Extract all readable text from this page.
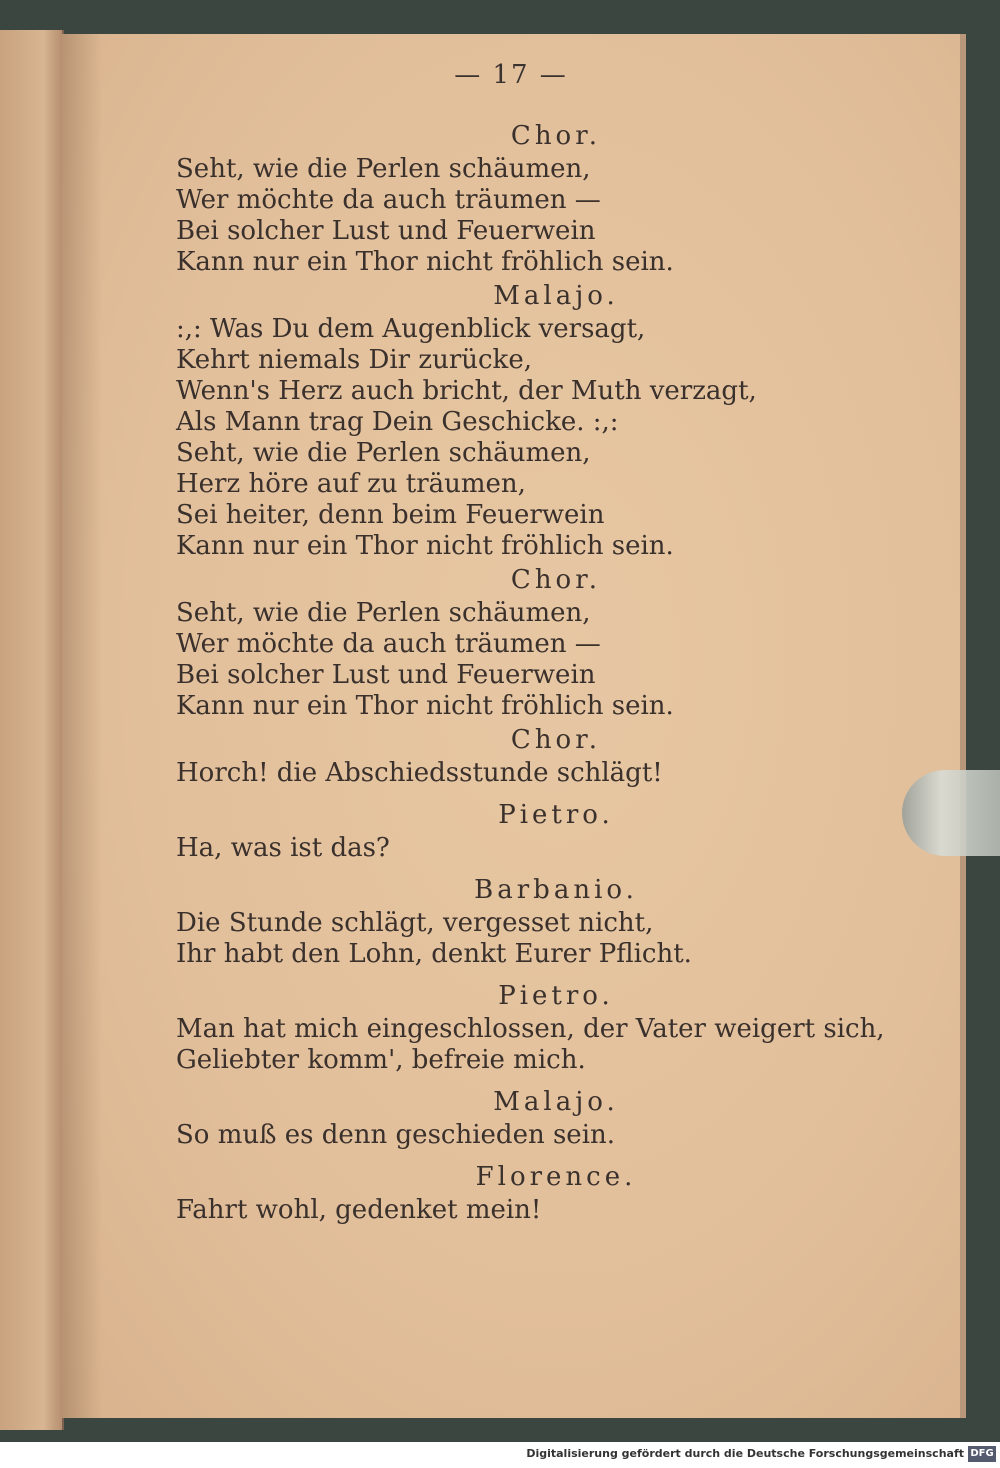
— 17 —

Chor.

Seht, wie die Perlen schäumen,

Wer möchte da auch träumen —

Bei solcher Lust und Feuerwein

Kann nur ein Thor nicht fröhlich sein.

Malajo.

:,: Was Du dem Augenblick versagt,

Kehrt niemals Dir zurücke,

Wenn's Herz auch bricht, der Muth verzagt,

Als Mann trag Dein Geschicke. :,:

Seht, wie die Perlen schäumen,

Herz höre auf zu träumen,

Sei heiter, denn beim Feuerwein

Kann nur ein Thor nicht fröhlich sein.

Chor.

Seht, wie die Perlen schäumen,

Wer möchte da auch träumen —

Bei solcher Lust und Feuerwein

Kann nur ein Thor nicht fröhlich sein.

Chor.

Horch! die Abschiedsstunde schlägt!

Pietro.

Ha, was ist das?

Barbanio.

Die Stunde schlägt, vergesset nicht,

Ihr habt den Lohn, denkt Eurer Pflicht.

Pietro.

Man hat mich eingeschlossen, der Vater weigert sich,

Geliebter komm', befreie mich.

Malajo.

So muß es denn geschieden sein.

Florence.

Fahrt wohl, gedenket mein!

Digitalisierung gefördert durch die Deutsche Forschungsgemeinschaft DFG
